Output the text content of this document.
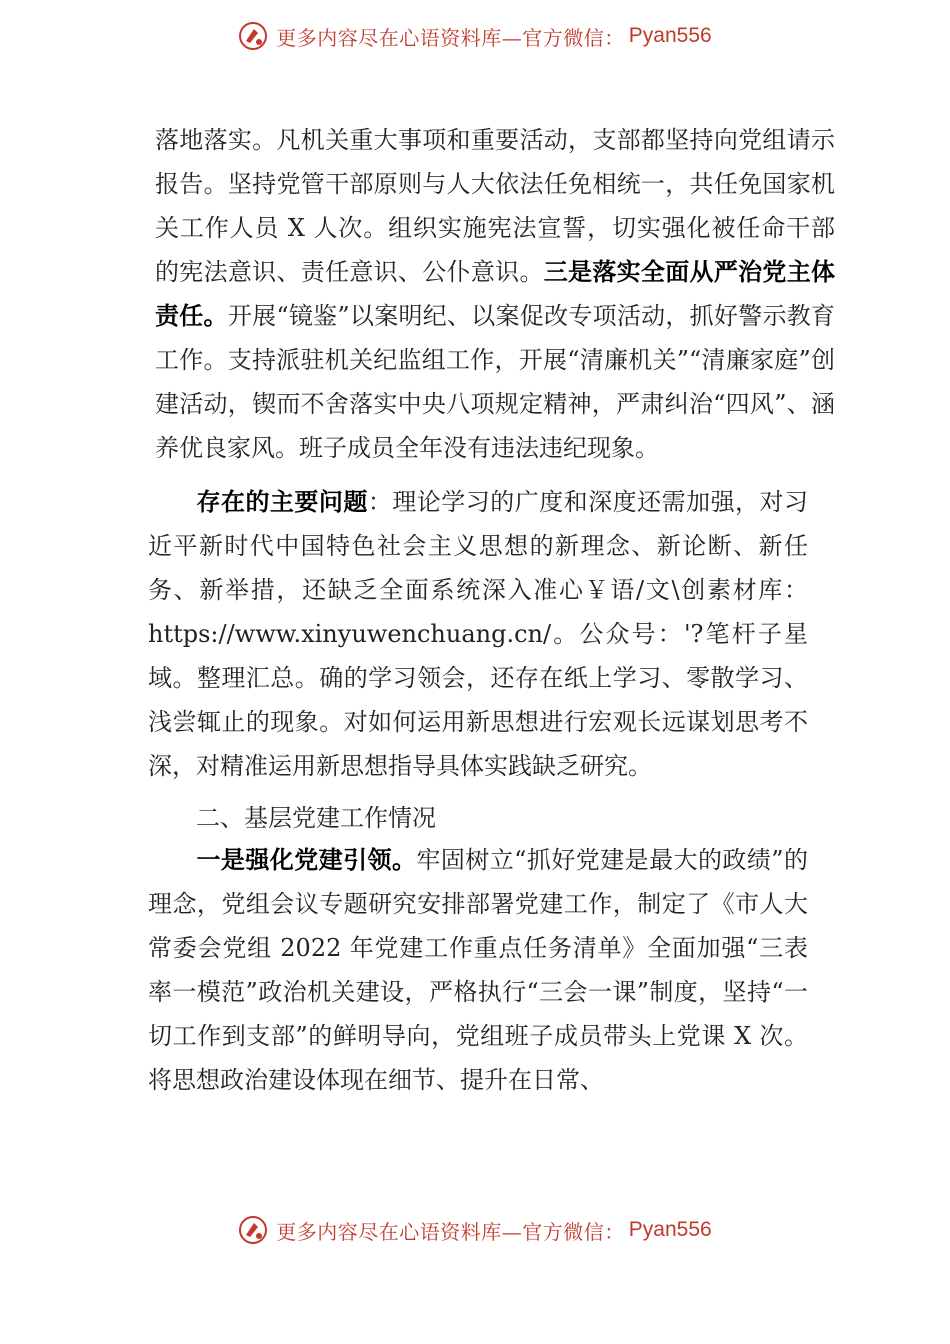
更多内容尽在心语资料库—官方微信： Pyan556

落地落实。凡机关重大事项和重要活动，支部都坚持向党组请示报告。坚持党管干部原则与人大依法任免相统一，共任免国家机关工作人员 X 人次。组织实施宪法宣誓，切实强化被任命干部的宪法意识、责任意识、公仆意识。三是落实全面从严治党主体责任。开展“镜鉴”以案明纪、以案促改专项活动，抓好警示教育工作。支持派驻机关纪监组工作，开展“清廉机关”“清廉家庭”创建活动，锲而不舍落实中央八项规定精神，严肃纠治“四风”、涵养优良家风。班子成员全年没有违法违纪现象。

存在的主要问题：理论学习的广度和深度还需加强，对习近平新时代中国特色社会主义思想的新理念、新论断、新任务、新举措，还缺乏全面系统深入准心￥语/文\创素材库：https://www.xinyuwenchuang.cn/。公众号：'?笔杆子星域。整理汇总。确的学习领会，还存在纸上学习、零散学习、浅尝辄止的现象。对如何运用新思想进行宏观长远谋划思考不深，对精准运用新思想指导具体实践缺乏研究。

二、基层党建工作情况

一是强化党建引领。牢固树立“抓好党建是最大的政绩”的理念，党组会议专题研究安排部署党建工作，制定了《市人大常委会党组 2022 年党建工作重点任务清单》全面加强“三表率一模范”政治机关建设，严格执行“三会一课”制度，坚持“一切工作到支部”的鲜明导向，党组班子成员带头上党课 X 次。将思想政治建设体现在细节、提升在日常、

更多内容尽在心语资料库—官方微信： Pyan556
